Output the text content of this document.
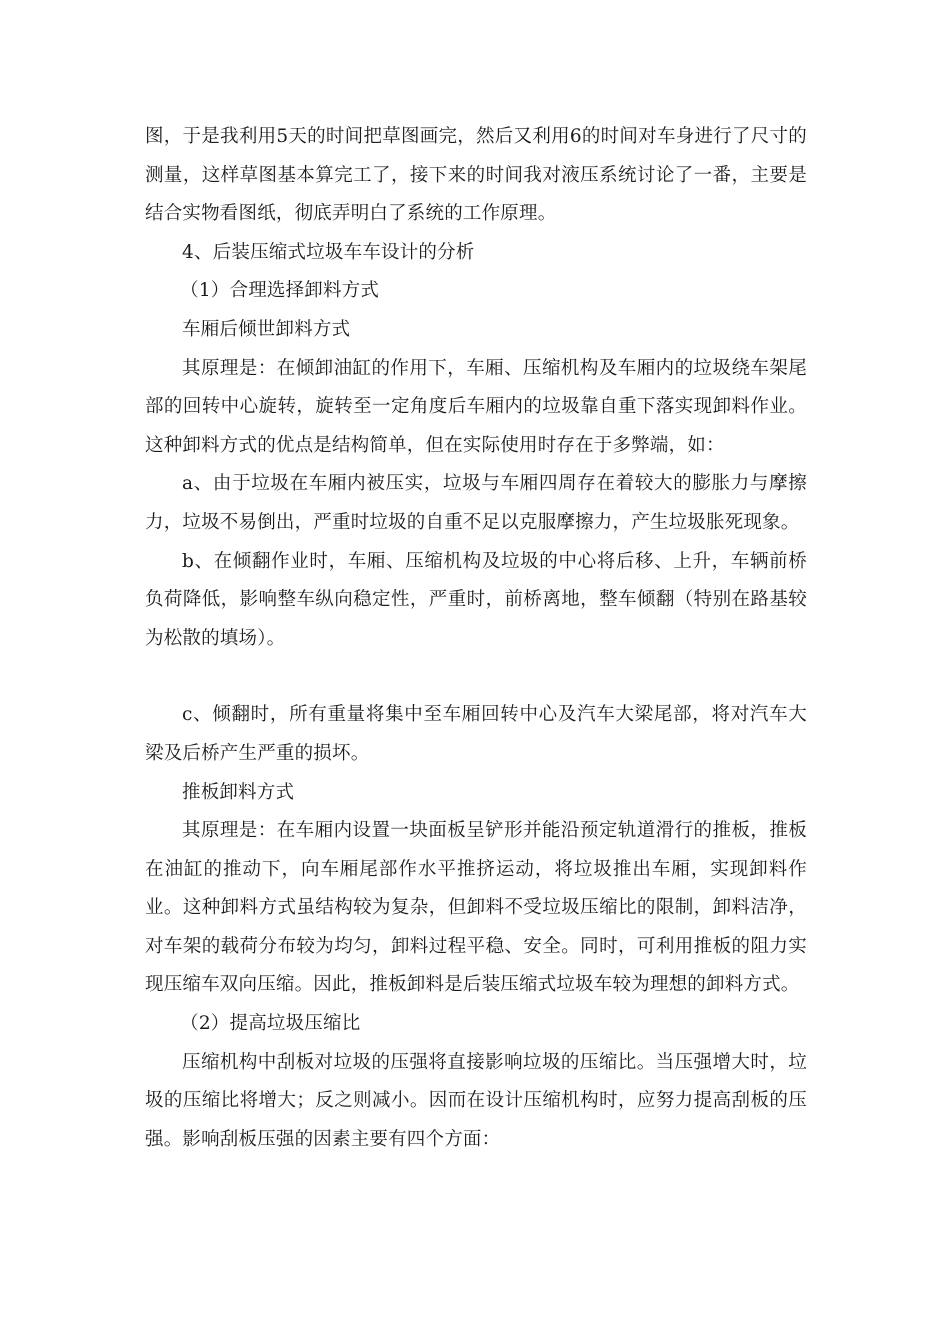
图，于是我利用5天的时间把草图画完，然后又利用6的时间对车身进行了尺寸的测量，这样草图基本算完工了，接下来的时间我对液压系统讨论了一番，主要是结合实物看图纸，彻底弄明白了系统的工作原理。

4、后装压缩式垃圾车车设计的分析

（1）合理选择卸料方式

车厢后倾世卸料方式

其原理是：在倾卸油缸的作用下，车厢、压缩机构及车厢内的垃圾绕车架尾部的回转中心旋转，旋转至一定角度后车厢内的垃圾靠自重下落实现卸料作业。这种卸料方式的优点是结构简单，但在实际使用时存在于多弊端，如：

a、由于垃圾在车厢内被压实，垃圾与车厢四周存在着较大的膨胀力与摩擦力，垃圾不易倒出，严重时垃圾的自重不足以克服摩擦力，产生垃圾胀死现象。

b、在倾翻作业时，车厢、压缩机构及垃圾的中心将后移、上升，车辆前桥负荷降低，影响整车纵向稳定性，严重时，前桥离地，整车倾翻（特别在路基较为松散的填场）。

c、倾翻时，所有重量将集中至车厢回转中心及汽车大梁尾部，将对汽车大梁及后桥产生严重的损坏。

推板卸料方式

其原理是：在车厢内设置一块面板呈铲形并能沿预定轨道滑行的推板，推板在油缸的推动下，向车厢尾部作水平推挤运动，将垃圾推出车厢，实现卸料作业。这种卸料方式虽结构较为复杂，但卸料不受垃圾压缩比的限制，卸料洁净，对车架的载荷分布较为均匀，卸料过程平稳、安全。同时，可利用推板的阻力实现压缩车双向压缩。因此，推板卸料是后装压缩式垃圾车较为理想的卸料方式。

（2）提高垃圾压缩比

压缩机构中刮板对垃圾的压强将直接影响垃圾的压缩比。当压强增大时，垃圾的压缩比将增大；反之则减小。因而在设计压缩机构时，应努力提高刮板的压强。影响刮板压强的因素主要有四个方面：
